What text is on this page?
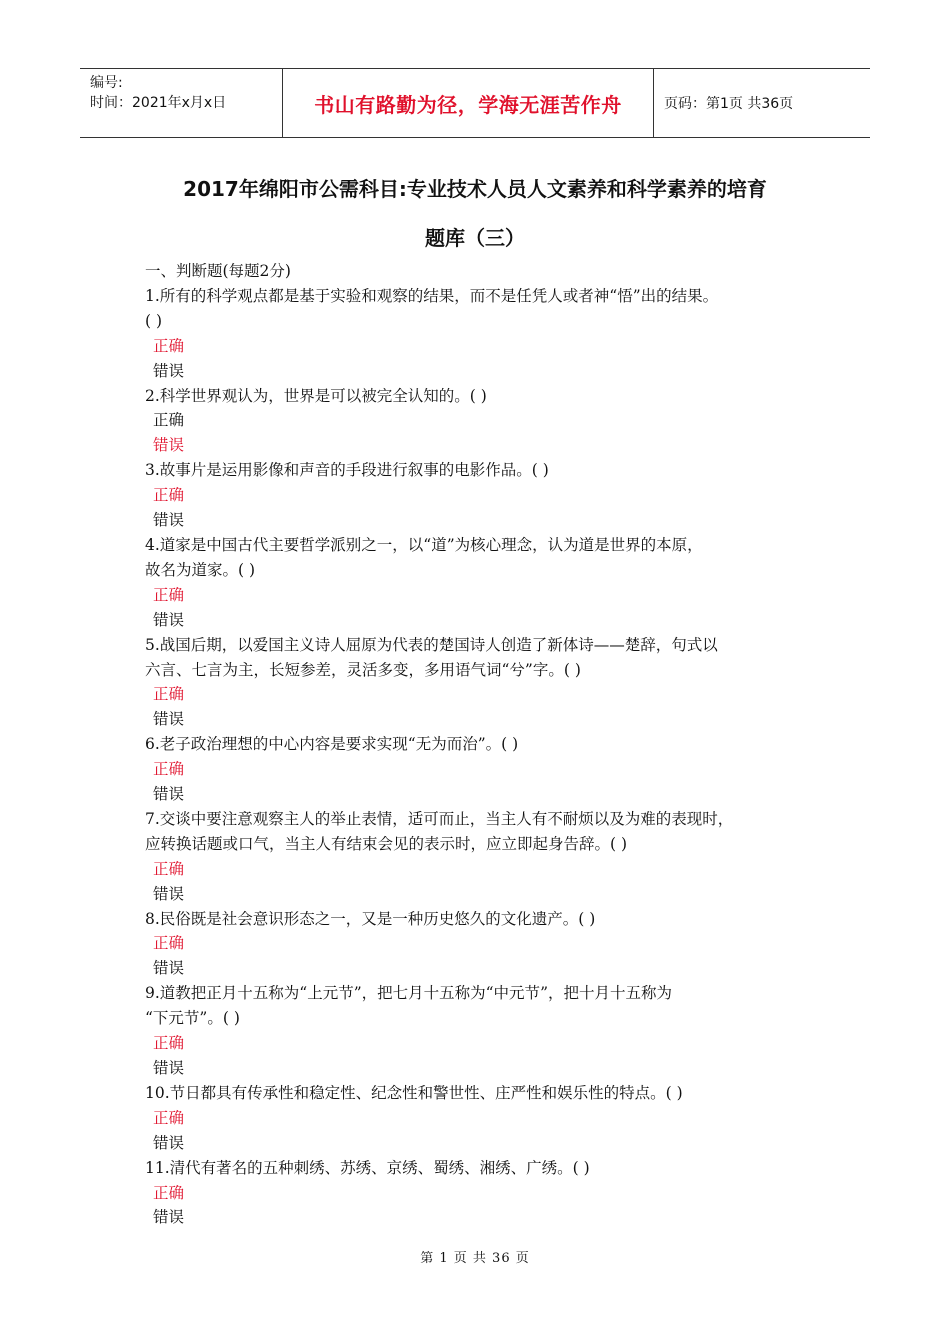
编号:
时间：2021年x月x日	书山有路勤为径，学海无涯苦作舟	页码：第1页 共36页
2017年绵阳市公需科目:专业技术人员人文素养和科学素养的培育
题库（三）
一、判断题(每题2分)
1.所有的科学观点都是基于实验和观察的结果，而不是任凭人或者神“悟”出的结果。
( )
正确
错误
2.科学世界观认为，世界是可以被完全认知的。( )
正确
错误
3.故事片是运用影像和声音的手段进行叙事的电影作品。( )
正确
错误
4.道家是中国古代主要哲学派别之一，以“道”为核心理念，认为道是世界的本原，
故名为道家。( )
正确
错误
5.战国后期，以爱国主义诗人屈原为代表的楚国诗人创造了新体诗——楚辞，句式以
六言、七言为主，长短参差，灵活多变，多用语气词“兮”字。( )
正确
错误
6.老子政治理想的中心内容是要求实现“无为而治”。( )
正确
错误
7.交谈中要注意观察主人的举止表情，适可而止，当主人有不耐烦以及为难的表现时，
应转换话题或口气，当主人有结束会见的表示时，应立即起身告辞。( )
正确
错误
8.民俗既是社会意识形态之一，又是一种历史悠久的文化遗产。( )
正确
错误
9.道教把正月十五称为“上元节”，把七月十五称为“中元节”，把十月十五称为
“下元节”。( )
正确
错误
10.节日都具有传承性和稳定性、纪念性和警世性、庄严性和娱乐性的特点。( )
正确
错误
11.清代有著名的五种刺绣、苏绣、京绣、蜀绣、湘绣、广绣。( )
正确
错误
第 1 页 共 36 页
